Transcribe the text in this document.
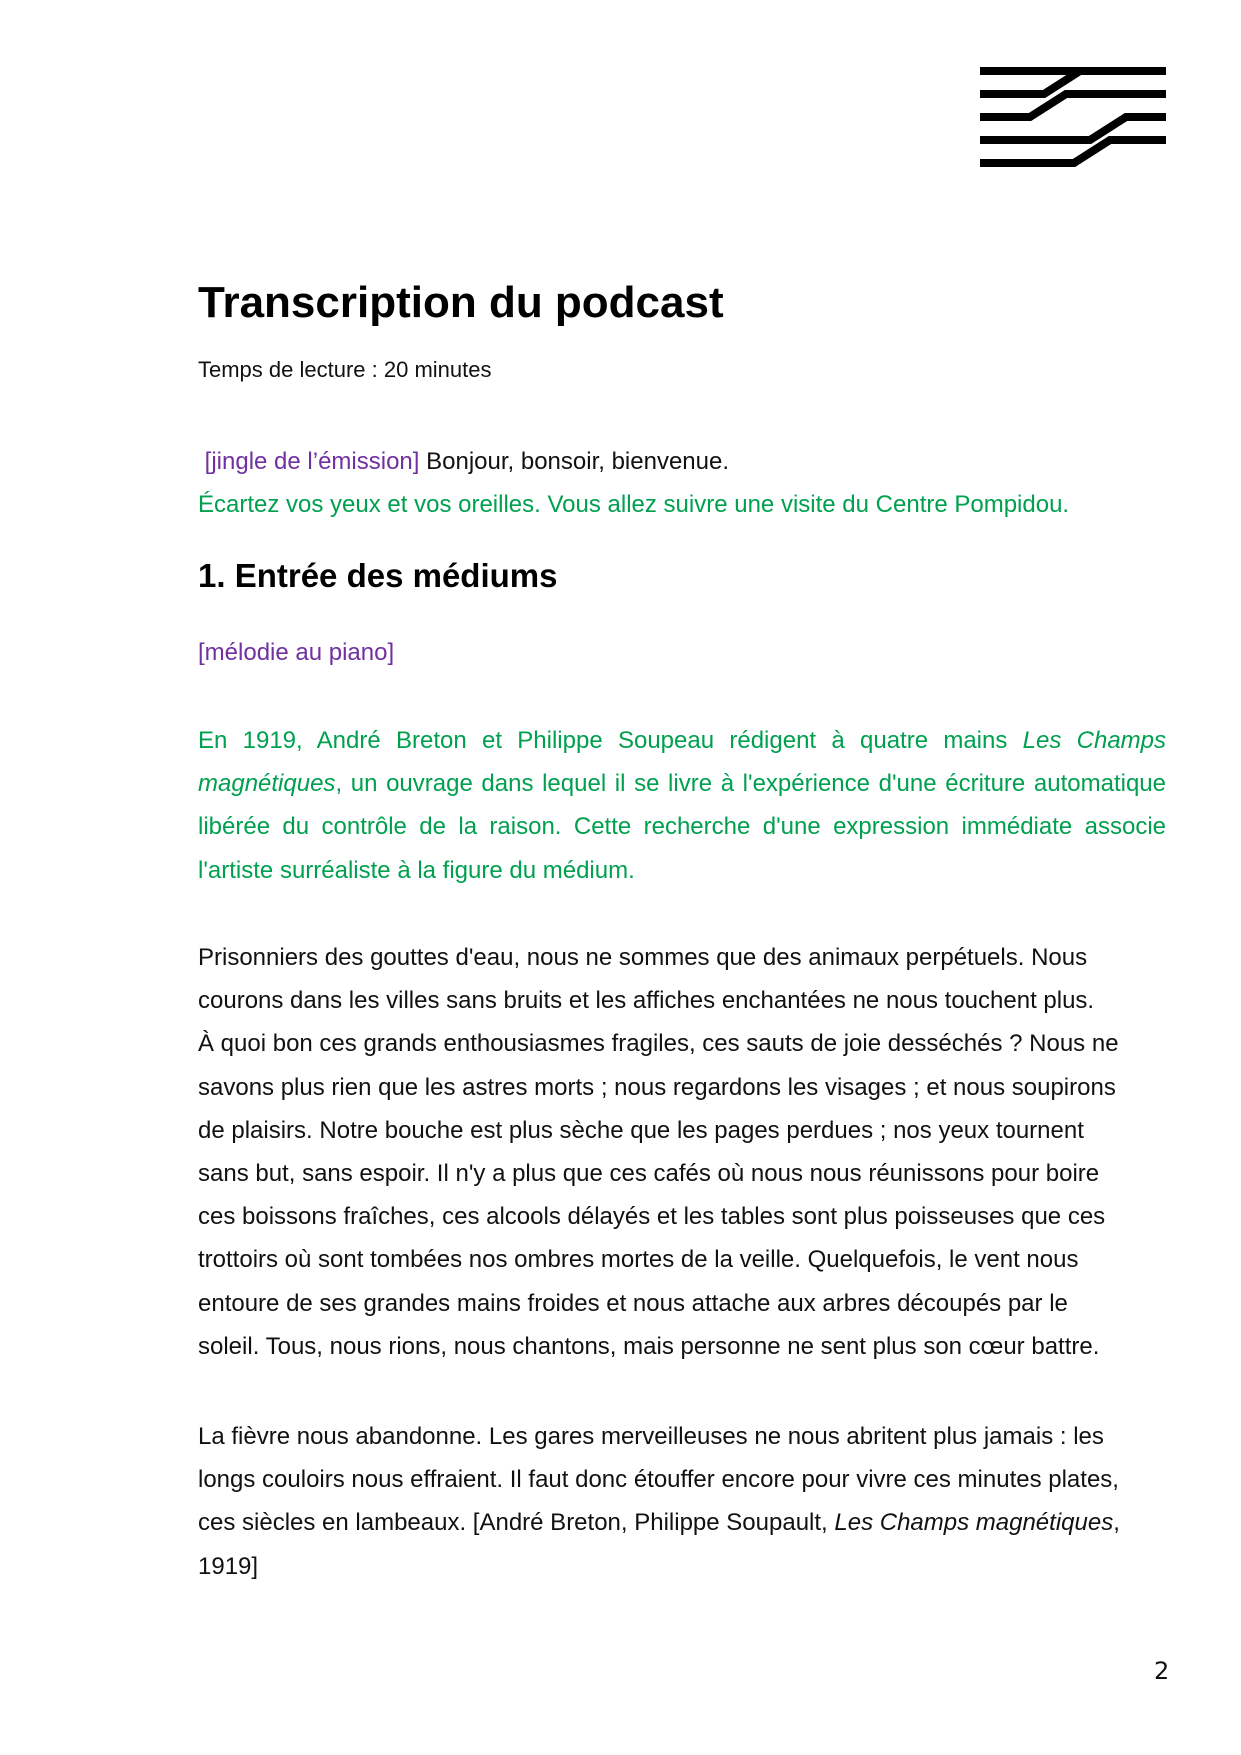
Transcription du podcast

Temps de lecture : 20 minutes

[jingle de l’émission] Bonjour, bonsoir, bienvenue.
Écartez vos yeux et vos oreilles. Vous allez suivre une visite du Centre Pompidou.
1. Entrée des médiums

[mélodie au piano]

En 1919, André Breton et Philippe Soupeau rédigent à quatre mains Les Champs magnétiques, un ouvrage dans lequel il se livre à l'expérience d'une écriture automatique libérée du contrôle de la raison. Cette recherche d'une expression immédiate associe l'artiste surréaliste à la figure du médium.

Prisonniers des gouttes d'eau, nous ne sommes que des animaux perpétuels. Nous
courons dans les villes sans bruits et les affiches enchantées ne nous touchent plus.
À quoi bon ces grands enthousiasmes fragiles, ces sauts de joie desséchés ? Nous ne
savons plus rien que les astres morts ; nous regardons les visages ; et nous soupirons
de plaisirs. Notre bouche est plus sèche que les pages perdues ; nos yeux tournent
sans but, sans espoir. Il n'y a plus que ces cafés où nous nous réunissons pour boire
ces boissons fraîches, ces alcools délayés et les tables sont plus poisseuses que ces
trottoirs où sont tombées nos ombres mortes de la veille. Quelquefois, le vent nous
entoure de ses grandes mains froides et nous attache aux arbres découpés par le
soleil. Tous, nous rions, nous chantons, mais personne ne sent plus son cœur battre.
La fièvre nous abandonne. Les gares merveilleuses ne nous abritent plus jamais : les
longs couloirs nous effraient. Il faut donc étouffer encore pour vivre ces minutes plates,
ces siècles en lambeaux. [André Breton, Philippe Soupault, Les Champs magnétiques,
1919]
2
